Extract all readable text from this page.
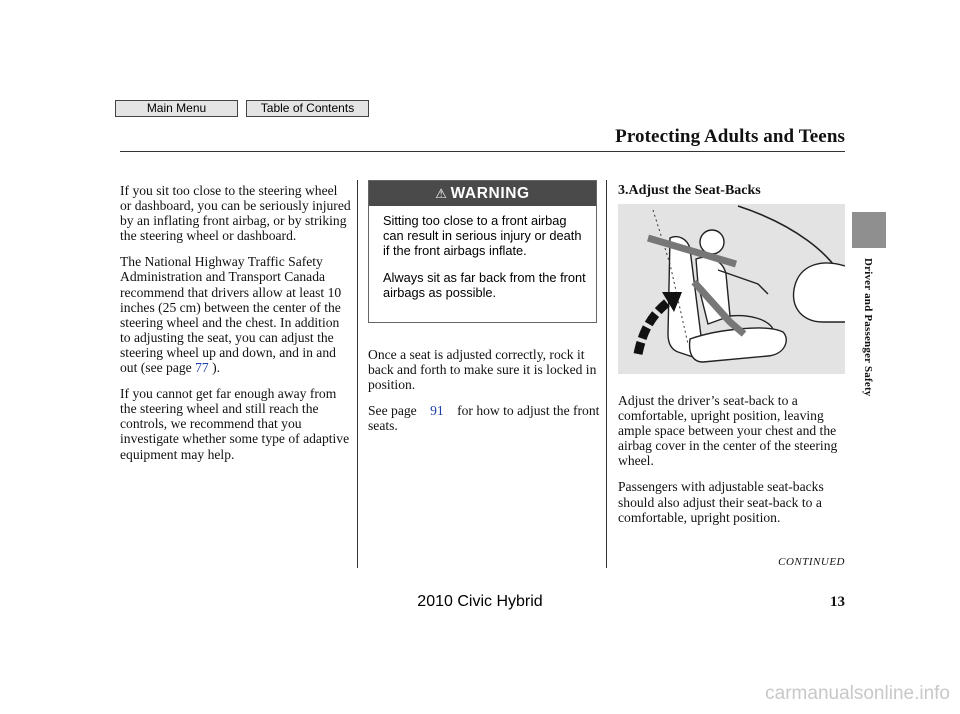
Main Menu	Table of Contents
Protecting Adults and Teens

If you sit too close to the steering wheel or dashboard, you can be seriously injured by an inflating front airbag, or by striking the steering wheel or dashboard.

The National Highway Traffic Safety Administration and Transport Canada recommend that drivers allow at least 10 inches (25 cm) between the center of the steering wheel and the chest. In addition to adjusting the seat, you can adjust the steering wheel up and down, and in and out (see page 77 ).

If you cannot get far enough away from the steering wheel and still reach the controls, we recommend that you investigate whether some type of adaptive equipment may help.

⚠ WARNING

Sitting too close to a front airbag can result in serious injury or death if the front airbags inflate.

Always sit as far back from the front airbags as possible.

Once a seat is adjusted correctly, rock it back and forth to make sure it is locked in position.

See page 91 for how to adjust the front seats.

3.Adjust the Seat-Backs

Adjust the driver’s seat-back to a comfortable, upright position, leaving ample space between your chest and the airbag cover in the center of the steering wheel.

Passengers with adjustable seat-backs should also adjust their seat-back to a comfortable, upright position.

Driver and Passenger Safety
CONTINUED
2010 Civic Hybrid	13
carmanualsonline.info
